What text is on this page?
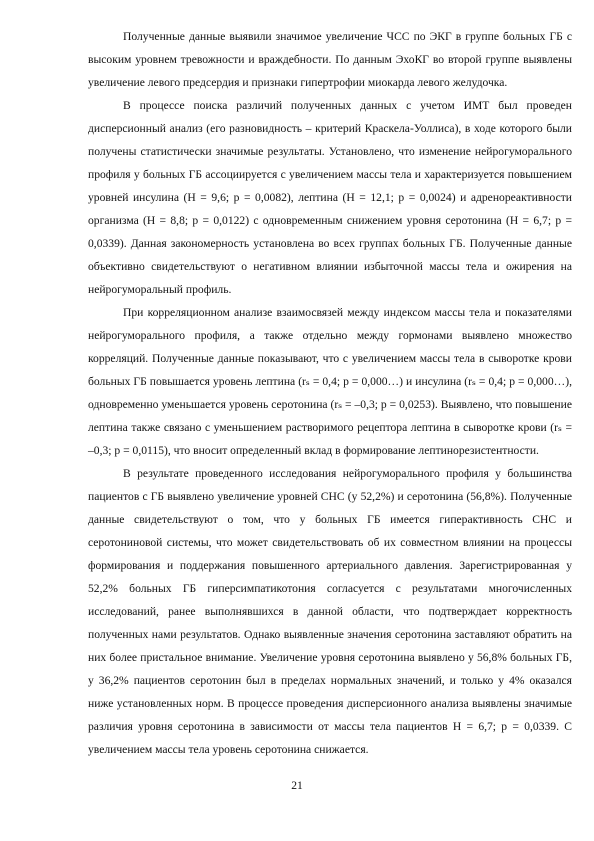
Полученные данные выявили значимое увеличение ЧСС по ЭКГ в группе больных ГБ с высоким уровнем тревожности и враждебности. По данным ЭхоКГ во второй группе выявлены увеличение левого предсердия и признаки гипертрофии миокарда левого желудочка.

В процессе поиска различий полученных данных с учетом ИМТ был проведен дисперсионный анализ (его разновидность – критерий Краскела-Уоллиса), в ходе которого были получены статистически значимые результаты. Установлено, что изменение нейрогуморального профиля у больных ГБ ассоциируется с увеличением массы тела и характеризуется повышением уровней инсулина (H = 9,6; p = 0,0082), лептина (H = 12,1; p = 0,0024) и адренореактивности организма (H = 8,8; p = 0,0122) с одновременным снижением уровня серотонина (H = 6,7; p = 0,0339). Данная закономерность установлена во всех группах больных ГБ. Полученные данные объективно свидетельствуют о негативном влиянии избыточной массы тела и ожирения на нейрогуморальный профиль.

При корреляционном анализе взаимосвязей между индексом массы тела и показателями нейрогуморального профиля, а также отдельно между гормонами выявлено множество корреляций. Полученные данные показывают, что с увеличением массы тела в сыворотке крови больных ГБ повышается уровень лептина (rₛ = 0,4; p = 0,000…) и инсулина (rₛ = 0,4; p = 0,000…), одновременно уменьшается уровень серотонина (rₛ = –0,3; p = 0,0253). Выявлено, что повышение лептина также связано с уменьшением растворимого рецептора лептина в сыворотке крови (rₛ = –0,3; p = 0,0115), что вносит определенный вклад в формирование лептинорезистентности.

В результате проведенного исследования нейрогуморального профиля у большинства пациентов с ГБ выявлено увеличение уровней СНС (у 52,2%) и серотонина (56,8%). Полученные данные свидетельствуют о том, что у больных ГБ имеется гиперактивность СНС и серотониновой системы, что может свидетельствовать об их совместном влиянии на процессы формирования и поддержания повышенного артериального давления. Зарегистрированная у 52,2% больных ГБ гиперсимпатикотония согласуется с результатами многочисленных исследований, ранее выполнявшихся в данной области, что подтверждает корректность полученных нами результатов. Однако выявленные значения серотонина заставляют обратить на них более пристальное внимание. Увеличение уровня серотонина выявлено у 56,8% больных ГБ, у 36,2% пациентов серотонин был в пределах нормальных значений, и только у 4% оказался ниже установленных норм. В процессе проведения дисперсионного анализа выявлены значимые различия уровня серотонина в зависимости от массы тела пациентов H = 6,7; p = 0,0339. С увеличением массы тела уровень серотонина снижается.

21
